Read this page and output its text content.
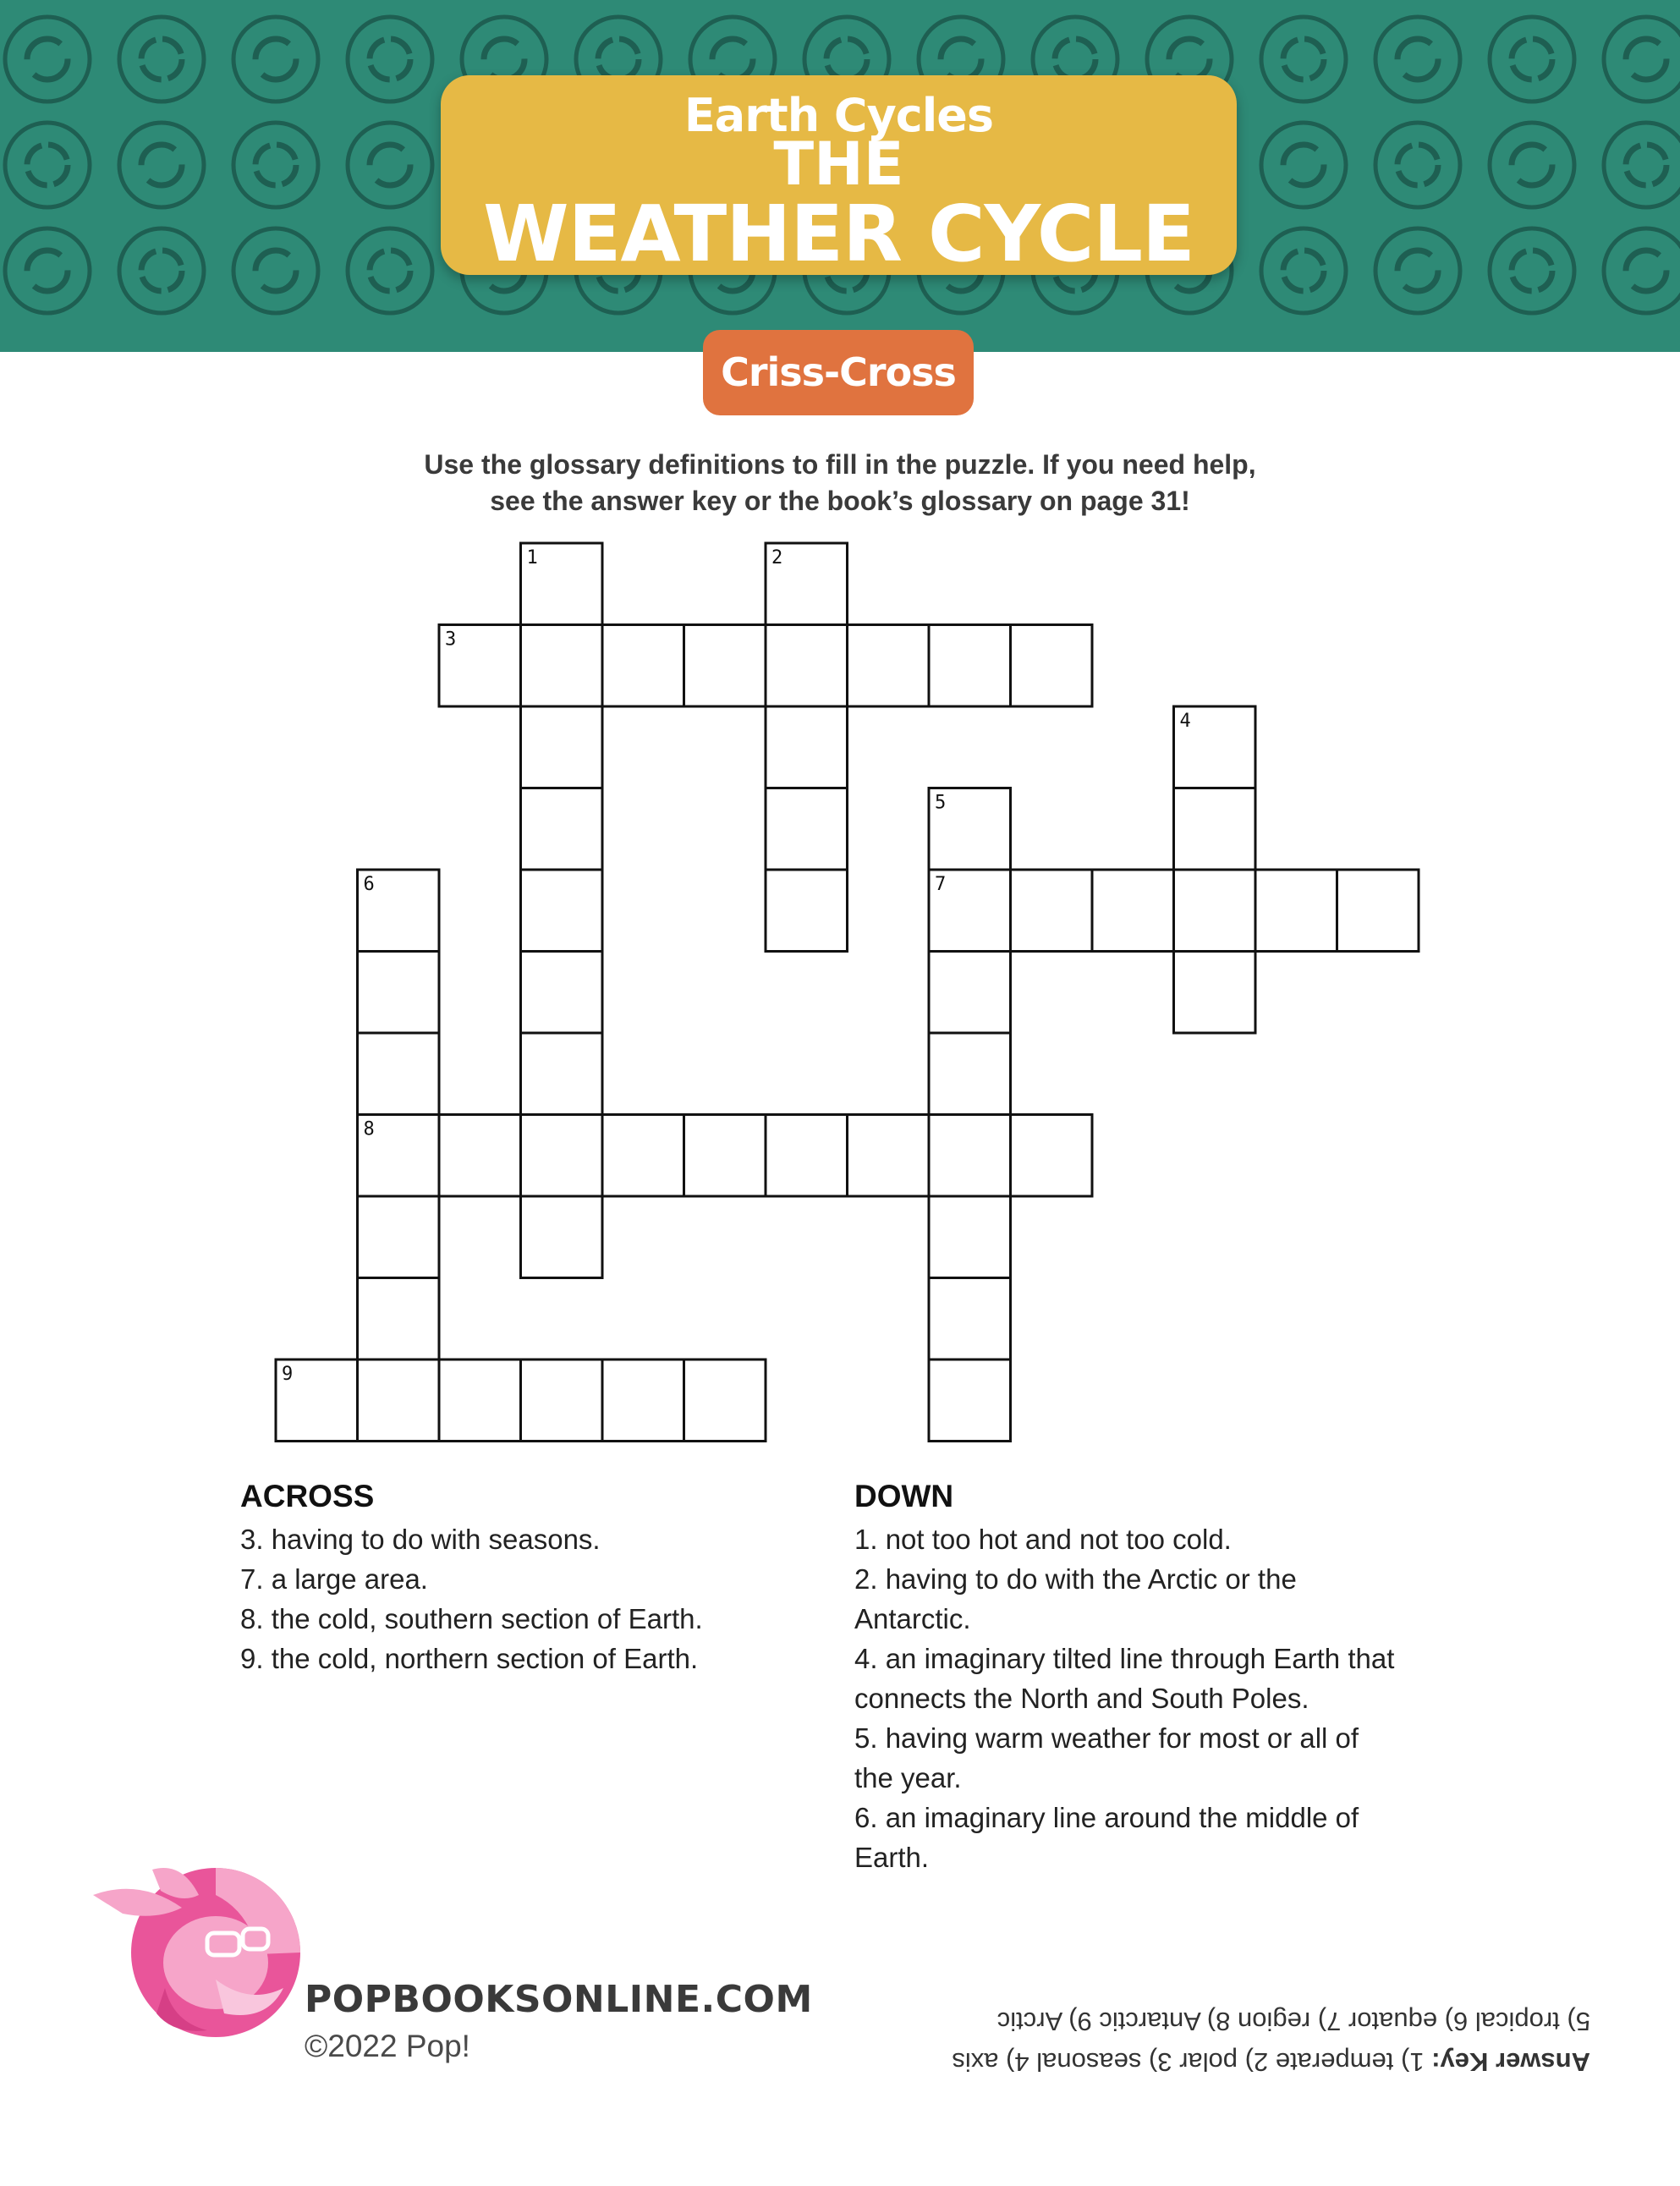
Earth Cycles
THE
WEATHER CYCLE
Criss-Cross
Use the glossary definitions to fill in the puzzle. If you need help,
see the answer key or the book’s glossary on page 31!
1	2
3
4
5
6	7
8
9
ACROSS
3. having to do with seasons.
7. a large area.
8. the cold, southern section of Earth.
9. the cold, northern section of Earth.
DOWN
1. not too hot and not too cold.
2. having to do with the Arctic or the
Antarctic.
4. an imaginary tilted line through Earth that
connects the North and South Poles.
5. having warm weather for most or all of
the year.
6. an imaginary line around the middle of
Earth.
POPBOOKSONLINE.COM
©2022 Pop!	Answer Key: 1) temperate 2) polar 3) seasonal 4) axis
5) tropical 6) equator 7) region 8) Antarctic 9) Arctic
